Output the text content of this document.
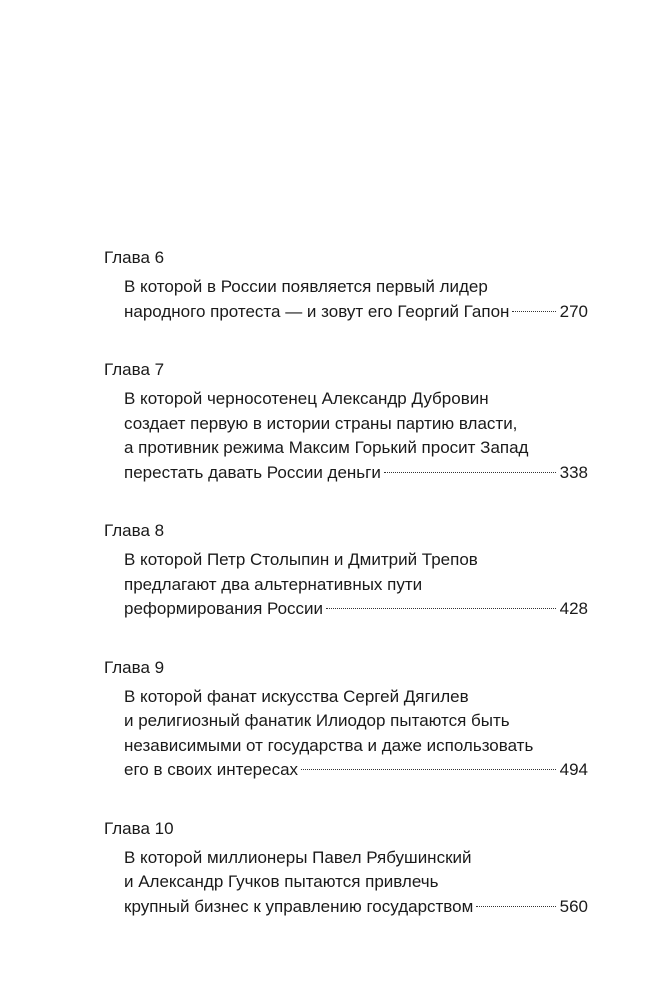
Глава 6
В которой в России появляется первый лидер
народного протеста — и зовут его Георгий Гапон	270
Глава 7
В которой черносотенец Александр Дубровин
создает первую в истории страны партию власти,
а противник режима Максим Горький просит Запад
перестать давать России деньги	338
Глава 8
В которой Петр Столыпин и Дмитрий Трепов
предлагают два альтернативных пути
реформирования России	428
Глава 9
В которой фанат искусства Сергей Дягилев
и религиозный фанатик Илиодор пытаются быть
независимыми от государства и даже использовать
его в своих интересах	494
Глава 10
В которой миллионеры Павел Рябушинский
и Александр Гучков пытаются привлечь
крупный бизнес к управлению государством	560
